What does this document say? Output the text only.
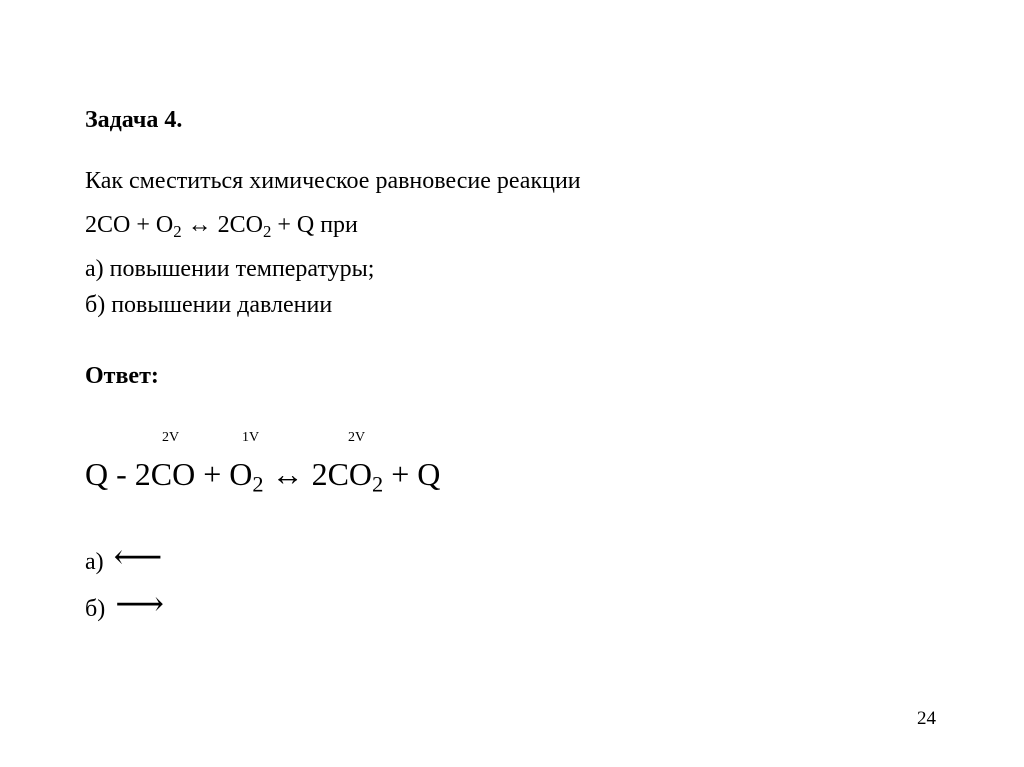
Задача 4.
Как сместиться химическое равновесие реакции
$2CO + O_2$ ↔ $2CO_2 + Q$ при
а) повышении температуры;
б) повышении давлении
Ответ:
2V	1V	2V
$Q - 2CO + O_2$ ↔ $2CO_2 + Q$
а) ⟵
б) ⟶
24
